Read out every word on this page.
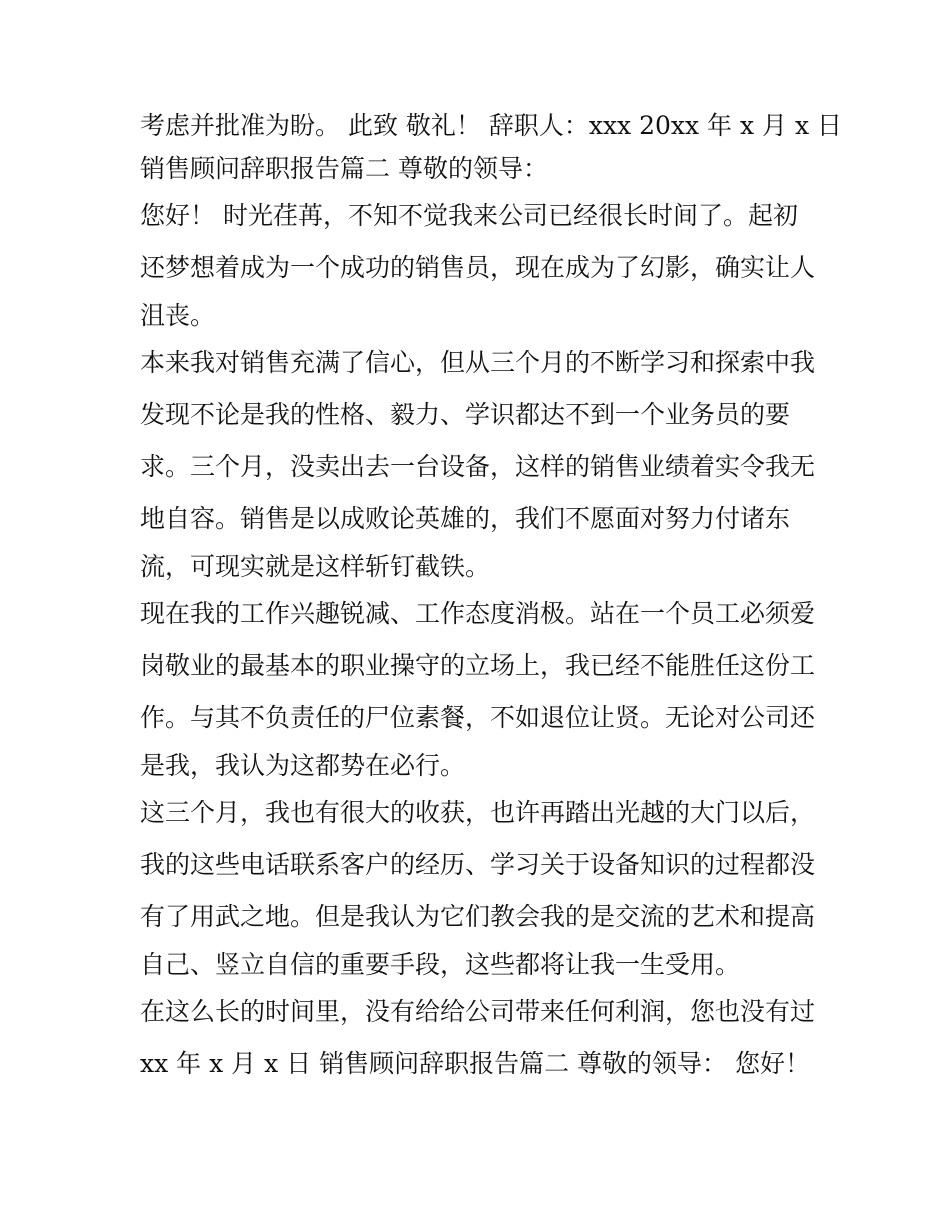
考虑并批准为盼。 此致 敬礼！ 辞职人：xxx 20xx 年 x 月 x 日
销售顾问辞职报告篇二 尊敬的领导：
您好！ 时光荏苒，不知不觉我来公司已经很长时间了。起初
还梦想着成为一个成功的销售员，现在成为了幻影，确实让人
沮丧。
本来我对销售充满了信心，但从三个月的不断学习和探索中我
发现不论是我的性格、毅力、学识都达不到一个业务员的要
求。三个月，没卖出去一台设备，这样的销售业绩着实令我无
地自容。销售是以成败论英雄的，我们不愿面对努力付诸东
流，可现实就是这样斩钉截铁。
现在我的工作兴趣锐减、工作态度消极。站在一个员工必须爱
岗敬业的最基本的职业操守的立场上，我已经不能胜任这份工
作。与其不负责任的尸位素餐，不如退位让贤。无论对公司还
是我，我认为这都势在必行。
这三个月，我也有很大的收获，也许再踏出光越的大门以后，
我的这些电话联系客户的经历、学习关于设备知识的过程都没
有了用武之地。但是我认为它们教会我的是交流的艺术和提高
自己、竖立自信的重要手段，这些都将让我一生受用。
在这么长的时间里，没有给给公司带来任何利润，您也没有过
xx 年 x 月 x 日 销售顾问辞职报告篇二 尊敬的领导： 您好！
